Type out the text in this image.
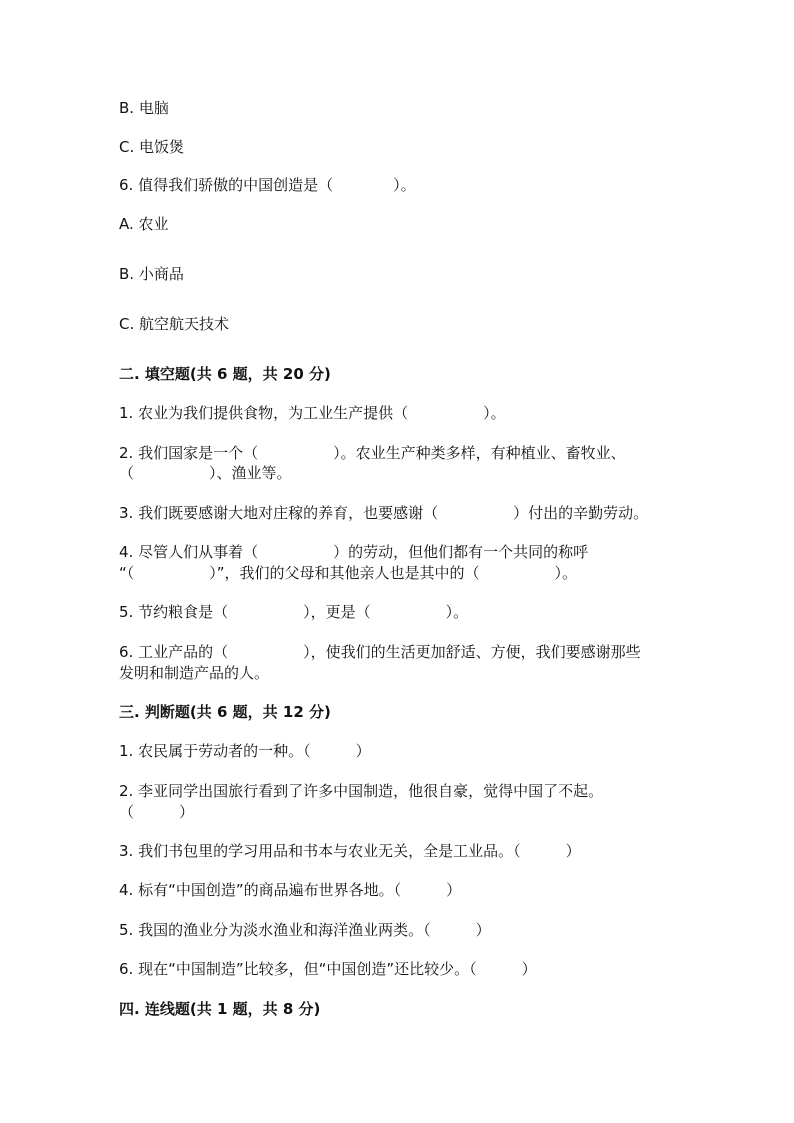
B. 电脑
C. 电饭煲
6. 值得我们骄傲的中国创造是（　　　　）。
A. 农业
B. 小商品
C. 航空航天技术
二. 填空题(共 6 题，共 20 分)
1. 农业为我们提供食物，为工业生产提供（　　　　　）。
2. 我们国家是一个（　　　　　）。农业生产种类多样，有种植业、畜牧业、
（　　　　　）、渔业等。
3. 我们既要感谢大地对庄稼的养育，也要感谢（　　　　　）付出的辛勤劳动。
4. 尽管人们从事着（　　　　　）的劳动，但他们都有一个共同的称呼
“（　　　　　）”，我们的父母和其他亲人也是其中的（　　　　　）。
5. 节约粮食是（　　　　　），更是（　　　　　）。
6. 工业产品的（　　　　　），使我们的生活更加舒适、方便，我们要感谢那些
发明和制造产品的人。
三. 判断题(共 6 题，共 12 分)
1. 农民属于劳动者的一种。（　　　）
2. 李亚同学出国旅行看到了许多中国制造，他很自豪，觉得中国了不起。
（　　　）
3. 我们书包里的学习用品和书本与农业无关，全是工业品。（　　　）
4. 标有“中国创造”的商品遍布世界各地。（　　　）
5. 我国的渔业分为淡水渔业和海洋渔业两类。（　　　）
6. 现在“中国制造”比较多，但“中国创造”还比较少。（　　　）
四. 连线题(共 1 题，共 8 分)
